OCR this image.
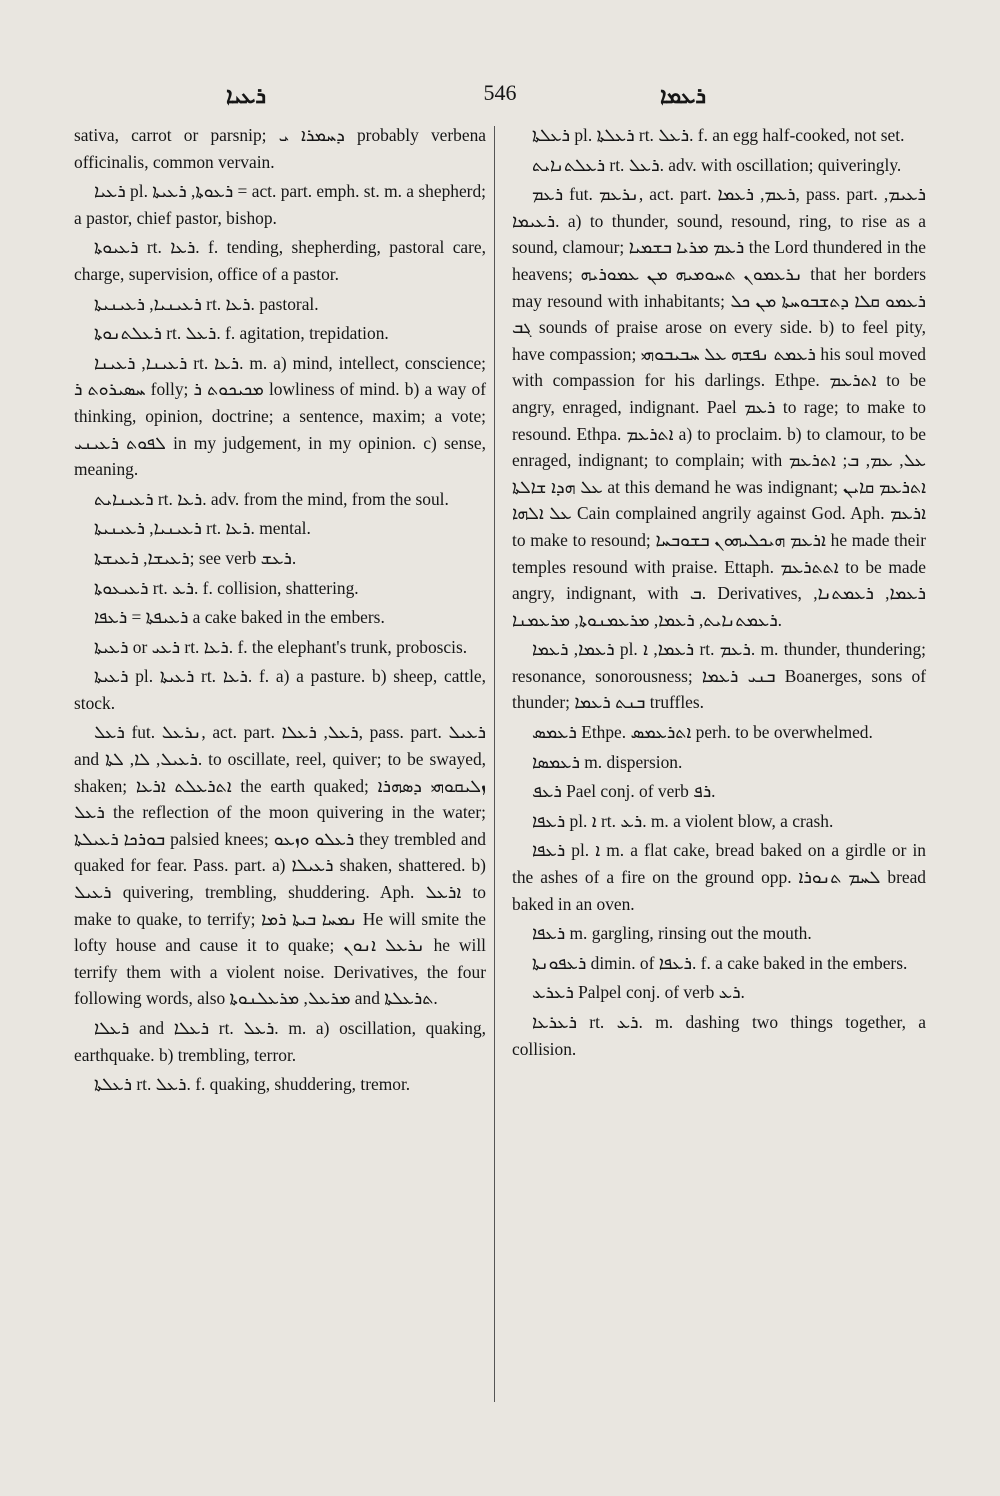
ܪܥܝܐ	546	ܪܥܡܐ

sativa, carrot or parsnip; ܕܚܡܪܐ ܝ probably verbena officinalis, common vervain.

ܪܥܝܐ pl. ܪܥܘܬܐ, ܪܥܝܬܐ = act. part. emph. st. m. a shepherd; a pastor, chief pastor, bishop.

ܪܥܝܘܬܐ rt. ܪܥܐ. f. tending, shepherding, pastoral care, charge, supervision, office of a pastor.

ܪܥܝܢܝܐ, ܪܥܝܢܝܬܐ rt. ܪܥܐ. pastoral.

ܪܥܠܬܢܘܬܐ rt. ܪܥܠ. f. agitation, trepidation.

ܪܥܝܢܐ, ܪܥܝܢܐ rt. ܪܥܐ. m. a) mind, intellect, conscience; ܚܣܝܪܘܬ ܪ folly; ܡܟܝܟܘܬ ܪ lowliness of mind. b) a way of thinking, opinion, doctrine; a sentence, maxim; a vote; ܠܦܘܬ ܪܥܝܢܝ in my judgement, in my opinion. c) sense, meaning.

ܪܥܝܢܐܝܬ rt. ܪܥܐ. adv. from the mind, from the soul.

ܪܥܝܢܝܐ, ܪܥܝܢܝܬܐ rt. ܪܥܐ. mental.

ܪܥܝܫܐ, ܪܥܝܫܬܐ; see verb ܪܥܫ.

ܪܥܝܥܘܬܐ rt. ܪܥ. f. collision, shattering.

ܪܥܝܦܬܐ = ܪܥܦܐ a cake baked in the embers.

ܪܥܝܬܐ or ܪܥܝ rt. ܪܥܐ. f. the elephant's trunk, proboscis.

ܪܥܝܬܐ pl. ܪܥܝܬܐ rt. ܪܥܐ. f. a) a pasture. b) sheep, cattle, stock.

ܪܥܠ fut. ܢܪܥܠ, act. part. ܪܥܠ, ܪܥܠܐ, pass. part. ܪܥܝܠ and ܪܥܝܠ, ܠܐ, ܠܬܐ. to oscillate, reel, quiver; to be swayed, shaken; ܐܬܪܥܠܬ ܐܪܥܐ the earth quaked; ܙܠܝܩܘܗܝ ܕܣܗܪܐ ܪܥܠ the reflection of the moon quivering in the water; ܒܘܪܟܐ ܪܥܝܠܬܐ palsied knees; ܪܥܠܘ ܘܙܥܘ they trembled and quaked for fear. Pass. part. a) ܪܥܝܠܐ shaken, shattered. b) ܪܥܝܠ quivering, trembling, shuddering. Aph. ܐܪܥܠ to make to quake, to terrify; ܢܡܚܐ ܒܝܬܐ ܪܡܐ He will smite the lofty house and cause it to quake; ܢܪܥܠ ܐܢܘܢ he will terrify them with a violent noise. Derivatives, the four following words, also ܡܪܥܠ, ܡܪܥܠܢܘܬܐ and ܬܪܥܠܬܐ.

ܪܥܠܐ and ܪܥܠܐ rt. ܪܥܠ. m. a) oscillation, quaking, earthquake. b) trembling, terror.

ܪܥܠܬܐ rt. ܪܥܠ. f. quaking, shuddering, tremor.

ܪܥܠܬܐ pl. ܪܥܠܬܐ rt. ܪܥܠ. f. an egg half-cooked, not set.

ܪܥܠܬܢܐܝܬ rt. ܪܥܠ. adv. with oscillation; quiveringly.

ܪܥܡ fut. ܢܪܥܡ, act. part. ܪܥܡ, ܪܥܡܐ, pass. part. ܪܥܝܡ, ܪܥܝܡܐ. a) to thunder, sound, resound, ring, to rise as a sound, clamour; ܪܥܡ ܡܪܝܐ ܒܫܡܝܐ the Lord thundered in the heavens; ܢܪܥܡܘܢ ܬܚܘܡܝܗ ܡܢ ܥܡܘܪܝܗ that her borders may resound with inhabitants; ܪܥܡܘ ܩܠܐ ܕܬܫܒܘܚܬܐ ܡܢ ܟܠ ܓܒ sounds of praise arose on every side. b) to feel pity, have compassion; ܪܥܡܬ ܢܦܫܗ ܥܠ ܚܒܝܒܘܗܝ his soul moved with compassion for his darlings. Ethpe. ܐܬܪܥܡ to be angry, enraged, indignant. Pael ܪܥܡ to rage; to make to resound. Ethpa. ܐܬܪܥܡ a) to proclaim. b) to clamour, to be enraged, indignant; to complain; with ܥܠ, ܥܡ, ܒ; ܐܬܪܥܡ ܥܠ ܗܕܐ ܫܐܠܬܐ at this demand he was indignant; ܐܬܪܥܡ ܩܐܝܢ ܥܠ ܐܠܗܐ Cain complained angrily against God. Aph. ܐܪܥܡ to make to resound; ܐܪܥܡ ܗܝܟܠܝܗܘܢ ܒܫܘܒܚܐ he made their temples resound with praise. Ettaph. ܐܬܬܪܥܡ to be made angry, indignant, with ܒ. Derivatives, ܪܥܡܐ, ܪܥܡܬܢܐ, ܪܥܡܬܢܐܝܬ, ܪܥܡܐ, ܡܪܥܡܢܘܬܐ, ܡܪܥܡܢܐ.

ܪܥܡܐ, ܪܥܡܐ pl. ܪܥܡܐ, ܐ rt. ܪܥܡ. m. thunder, thundering; resonance, sonorousness; ܒܢܝ ܪܥܡܐ Boanerges, sons of thunder; ܒܢܬ ܪܥܡܐ truffles.

ܪܥܡܣ Ethpe. ܐܬܪܥܡܣ perh. to be overwhelmed.

ܪܥܡܣܐ m. dispersion.

ܪܥܦ Pael conj. of verb ܪܦ.

ܪܥܦܐ pl. ܐ rt. ܪܥ. m. a violent blow, a crash.

ܪܥܦܐ pl. ܐ m. a flat cake, bread baked on a girdle or in the ashes of a fire on the ground opp. ܠܚܡ ܬܢܘܪܐ bread baked in an oven.

ܪܥܦܐ m. gargling, rinsing out the mouth.

ܪܥܦܘܢܬܐ dimin. of ܪܥܦܐ. f. a cake baked in the embers.

ܪܥܪܥ Palpel conj. of verb ܪܥ.

ܪܥܪܥܐ rt. ܪܥ. m. dashing two things together, a collision.
